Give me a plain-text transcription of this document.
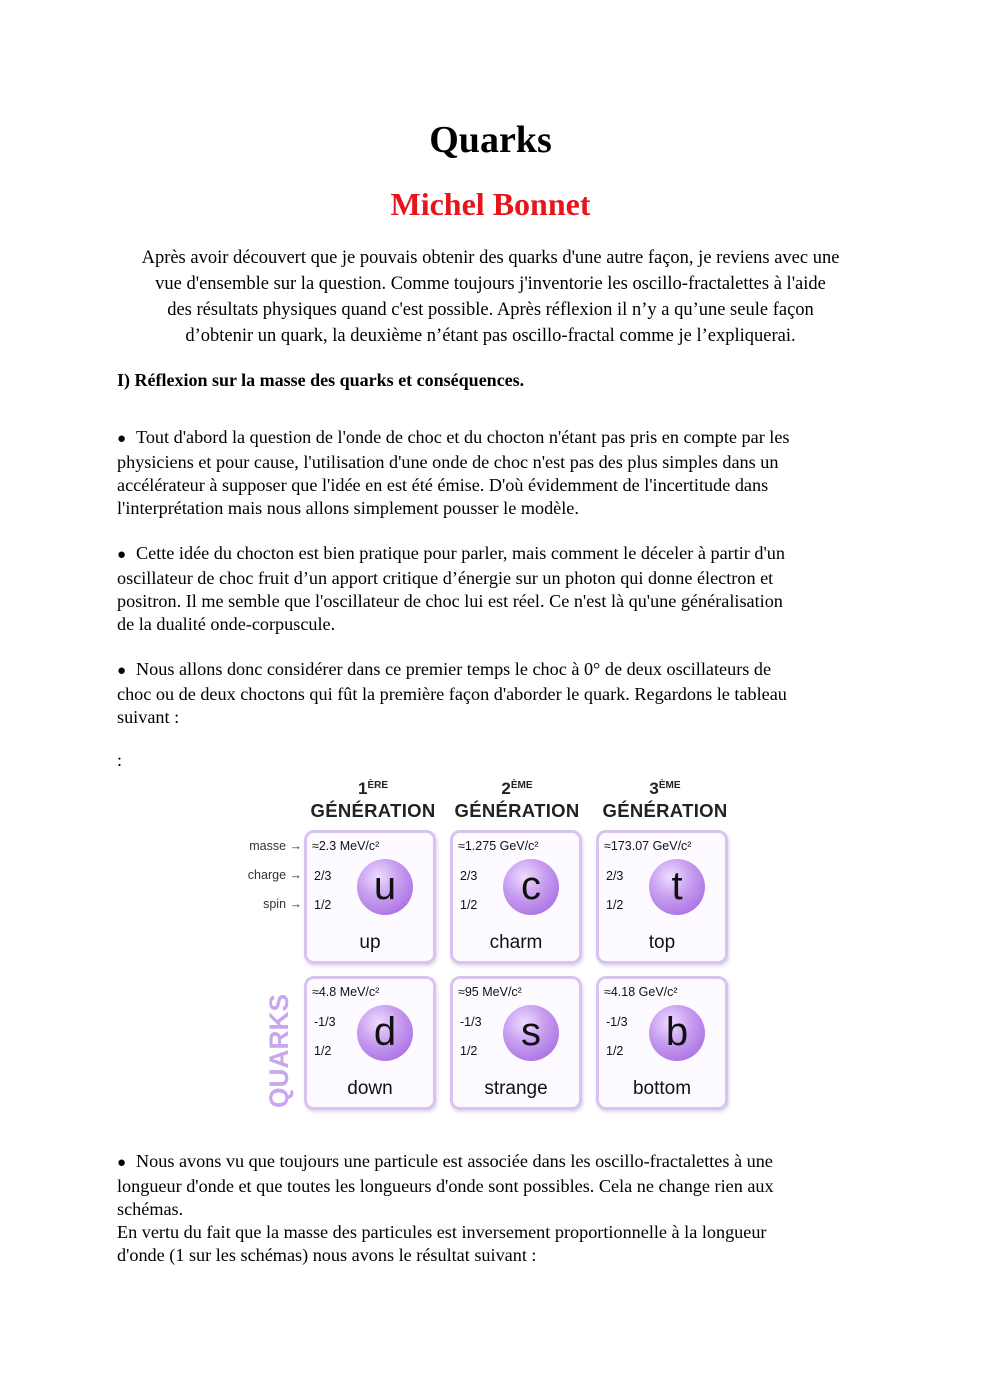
Quarks
Michel Bonnet
Après avoir découvert que je pouvais obtenir des quarks d'une autre façon, je reviens avec une
vue d'ensemble sur la question. Comme toujours j'inventorie les oscillo-fractalettes à l'aide
des résultats physiques quand c'est possible. Après réflexion il n’y a qu’une seule façon
d’obtenir un quark, la deuxième n’étant pas oscillo-fractal comme je l’expliquerai.
I) Réflexion sur la masse des quarks et conséquences.
● Tout d'abord la question de l'onde de choc et du chocton n'étant pas pris en compte par les
physiciens et pour cause, l'utilisation d'une onde de choc n'est pas des plus simples dans un
accélérateur à supposer que l'idée en est été émise. D'où évidemment de l'incertitude dans
l'interprétation mais nous allons simplement pousser le modèle.
● Cette idée du chocton est bien pratique pour parler, mais comment le déceler à partir d'un
oscillateur de choc fruit d’un apport critique d’énergie sur un photon qui donne électron et
positron. Il me semble que l'oscillateur de choc lui est réel. Ce n'est là qu'une généralisation
de la dualité onde-corpuscule.
● Nous allons donc considérer dans ce premier temps le choc à 0° de deux oscillateurs de
choc ou de deux choctons qui fût la première façon d'aborder le quark. Regardons le tableau
suivant :
:
1ÈRE
GÉNÉRATION
2ÈME
GÉNÉRATION
3ÈME
GÉNÉRATION
masse →
charge →
spin →
QUARKS
≈2.3 MeV/c²
2/3
1/2	u
up
≈1.275 GeV/c²
2/3
1/2	c
charm
≈173.07 GeV/c²
2/3
1/2	t
top
≈4.8 MeV/c²
-1/3
1/2	d
down
≈95 MeV/c²
-1/3
1/2	s
strange
≈4.18 GeV/c²
-1/3
1/2	b
bottom
● Nous avons vu que toujours une particule est associée dans les oscillo-fractalettes à une
longueur d'onde et que toutes les longueurs d'onde sont possibles. Cela ne change rien aux
schémas.
En vertu du fait que la masse des particules est inversement proportionnelle à la longueur
d'onde (1 sur les schémas) nous avons le résultat suivant :
